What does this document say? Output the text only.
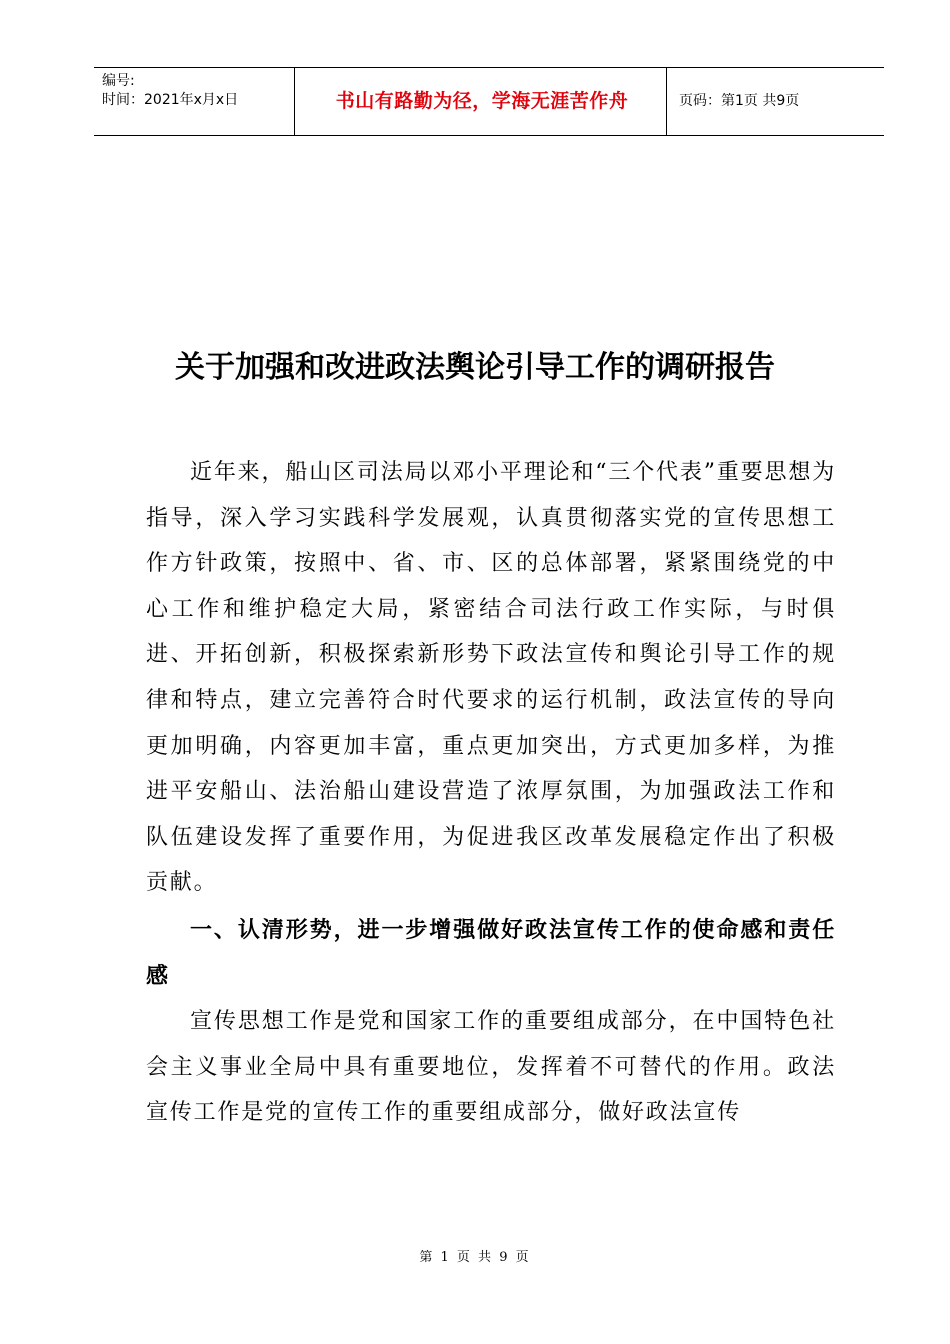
编号:
时间：2021年x月x日	书山有路勤为径，学海无涯苦作舟	页码：第1页 共9页
关于加强和改进政法舆论引导工作的调研报告

近年来，船山区司法局以邓小平理论和“三个代表”重要思想为指导，深入学习实践科学发展观，认真贯彻落实党的宣传思想工作方针政策，按照中、省、市、区的总体部署，紧紧围绕党的中心工作和维护稳定大局，紧密结合司法行政工作实际，与时俱进、开拓创新，积极探索新形势下政法宣传和舆论引导工作的规律和特点，建立完善符合时代要求的运行机制，政法宣传的导向更加明确，内容更加丰富，重点更加突出，方式更加多样，为推进平安船山、法治船山建设营造了浓厚氛围，为加强政法工作和队伍建设发挥了重要作用，为促进我区改革发展稳定作出了积极贡献。

一、认清形势，进一步增强做好政法宣传工作的使命感和责任感

宣传思想工作是党和国家工作的重要组成部分，在中国特色社会主义事业全局中具有重要地位，发挥着不可替代的作用。政法宣传工作是党的宣传工作的重要组成部分，做好政法宣传

第 1 页 共 9 页
